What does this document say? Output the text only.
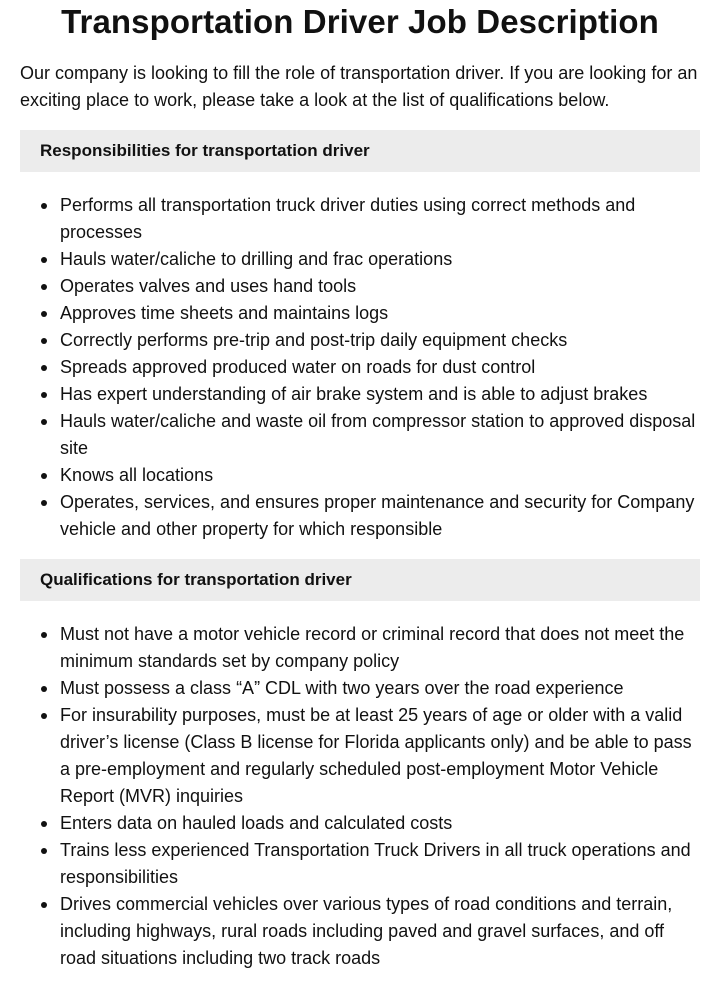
Transportation Driver Job Description

Our company is looking to fill the role of transportation driver. If you are looking for an exciting place to work, please take a look at the list of qualifications below.

Responsibilities for transportation driver
Performs all transportation truck driver duties using correct methods and processes
Hauls water/caliche to drilling and frac operations
Operates valves and uses hand tools
Approves time sheets and maintains logs
Correctly performs pre-trip and post-trip daily equipment checks
Spreads approved produced water on roads for dust control
Has expert understanding of air brake system and is able to adjust brakes
Hauls water/caliche and waste oil from compressor station to approved disposal site
Knows all locations
Operates, services, and ensures proper maintenance and security for Company vehicle and other property for which responsible
Qualifications for transportation driver
Must not have a motor vehicle record or criminal record that does not meet the minimum standards set by company policy
Must possess a class “A” CDL with two years over the road experience
For insurability purposes, must be at least 25 years of age or older with a valid driver’s license (Class B license for Florida applicants only) and be able to pass a pre-employment and regularly scheduled post-employment Motor Vehicle Report (MVR) inquiries
Enters data on hauled loads and calculated costs
Trains less experienced Transportation Truck Drivers in all truck operations and responsibilities
Drives commercial vehicles over various types of road conditions and terrain, including highways, rural roads including paved and gravel surfaces, and off road situations including two track roads
